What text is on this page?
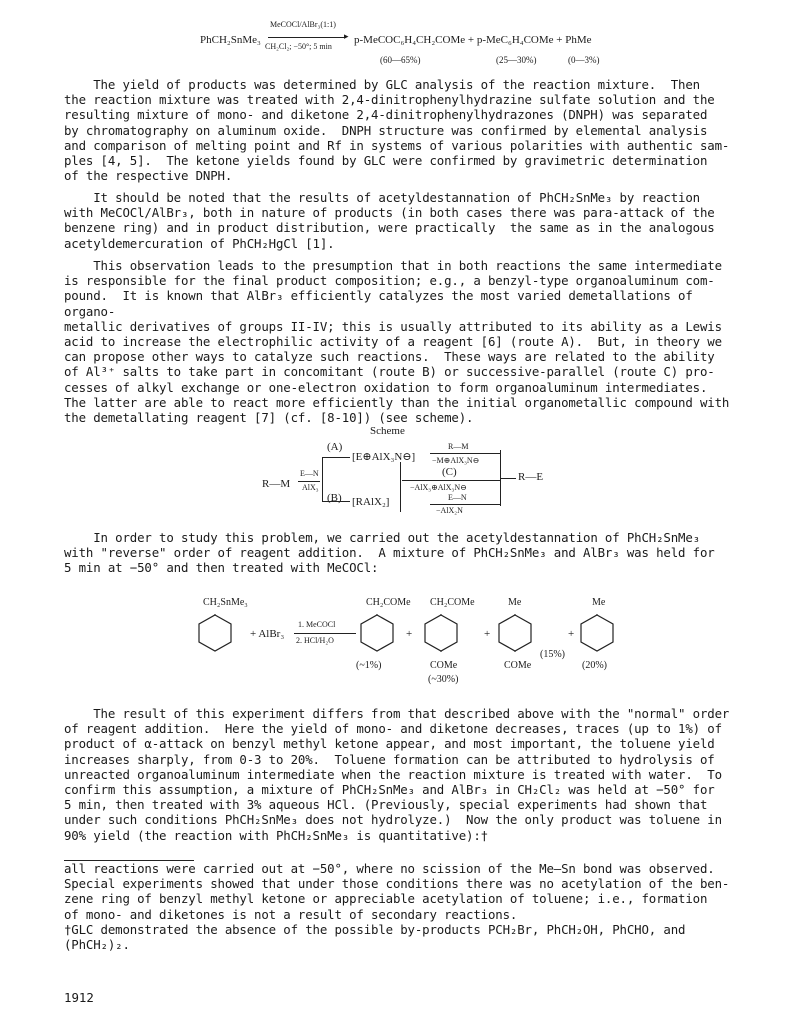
PhCH₂SnMe₃
MeCOCl/AlBr₃(1:1)
▸
CH₂Cl₂; −50°; 5 min
p-MeCOC₆H₄CH₂COMe + p-MeC₆H₄COMe + PhMe
(60—65%)	(25—30%)	(0—3%)

The yield of products was determined by GLC analysis of the reaction mixture.  Then
the reaction mixture was treated with 2,4-dinitrophenylhydrazine sulfate solution and the
resulting mixture of mono- and diketone 2,4-dinitrophenylhydrazones (DNPH) was separated
by chromatography on aluminum oxide.  DNPH structure was confirmed by elemental analysis
and comparison of melting point and Rf in systems of various polarities with authentic sam-
ples [4, 5].  The ketone yields found by GLC were confirmed by gravimetric determination
of the respective DNPH.

It should be noted that the results of acetyldestannation of PhCH₂SnMe₃ by reaction
with MeCOCl/AlBr₃, both in nature of products (in both cases there was para-attack of the
benzene ring) and in product distribution, were practically  the same as in the analogous
acetyldemercuration of PhCH₂HgCl [1].

This observation leads to the presumption that in both reactions the same intermediate
is responsible for the final product composition; e.g., a benzyl-type organoaluminum com-
pound.  It is known that AlBr₃ efficiently catalyzes the most varied demetallations of organo-
metallic derivatives of groups II-IV; this is usually attributed to its ability as a Lewis
acid to increase the electrophilic activity of a reagent [6] (route A).  But, in theory we
can propose other ways to catalyze such reactions.  These ways are related to the ability
of Al³⁺ salts to take part in concomitant (route B) or successive-parallel (route C) pro-
cesses of alkyl exchange or one-electron oxidation to form organoaluminum intermediates.
The latter are able to react more efficiently than the initial organometallic compound with
the demetallating reagent [7] (cf. [8-10]) (see scheme).

Scheme
R—M
E—N
AlX₃
(A)
[E⊕AlX₃N⊖]
R—M
−M⊕AlX₃N⊖
(C)
−AlX₃⊕AlX₃N⊖
(B) [RAlX₂]	E—N
−AlX₂N
R—E

In order to study this problem, we carried out the acetyldestannation of PhCH₂SnMe₃
with "reverse" order of reagent addition.  A mixture of PhCH₂SnMe₃ and AlBr₃ was held for
5 min at −50° and then treated with MeCOCl:

CH₂SnMe₃
+ AlBr₃
1. MeCOCl
2. HCl/H₂O
CH₂COMe
(~1%)
+
CH₂COMe
COMe
(~30%)
+
Me
COMe
(15%)
+
Me
(20%)

The result of this experiment differs from that described above with the "normal" order
of reagent addition.  Here the yield of mono- and diketone decreases, traces (up to 1%) of
product of α-attack on benzyl methyl ketone appear, and most important, the toluene yield
increases sharply, from 0-3 to 20%.  Toluene formation can be attributed to hydrolysis of
unreacted organoaluminum intermediate when the reaction mixture is treated with water.  To
confirm this assumption, a mixture of PhCH₂SnMe₃ and AlBr₃ in CH₂Cl₂ was held at −50° for
5 min, then treated with 3% aqueous HCl. (Previously, special experiments had shown that
under such conditions PhCH₂SnMe₃ does not hydrolyze.)  Now the only product was toluene in
90% yield (the reaction with PhCH₂SnMe₃ is quantitative):†

all reactions were carried out at −50°, where no scission of the Me—Sn bond was observed.
Special experiments showed that under those conditions there was no acetylation of the ben-
zene ring of benzyl methyl ketone or appreciable acetylation of toluene; i.e., formation
of mono- and diketones is not a result of secondary reactions.

†GLC demonstrated the absence of the possible by-products PCH₂Br, PhCH₂OH, PhCHO, and
(PhCH₂)₂.

1912
